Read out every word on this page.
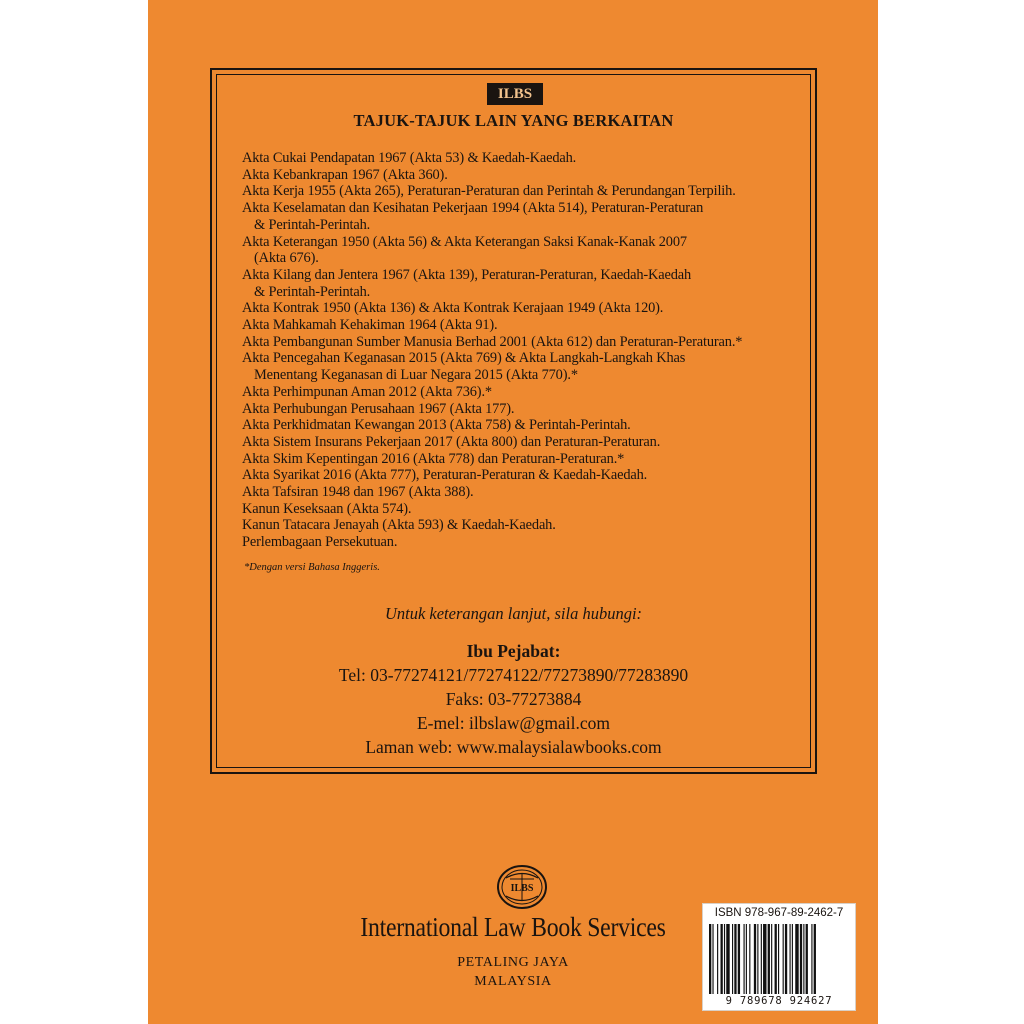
ILBS
TAJUK-TAJUK LAIN YANG BERKAITAN
Akta Cukai Pendapatan 1967 (Akta 53) & Kaedah-Kaedah.
Akta Kebankrapan 1967 (Akta 360).
Akta Kerja 1955 (Akta 265), Peraturan-Peraturan dan Perintah & Perundangan Terpilih.
Akta Keselamatan dan Kesihatan Pekerjaan 1994 (Akta 514), Peraturan-Peraturan
& Perintah-Perintah.
Akta Keterangan 1950 (Akta 56) & Akta Keterangan Saksi Kanak-Kanak 2007
(Akta 676).
Akta Kilang dan Jentera 1967 (Akta 139), Peraturan-Peraturan, Kaedah-Kaedah
& Perintah-Perintah.
Akta Kontrak 1950 (Akta 136) & Akta Kontrak Kerajaan 1949 (Akta 120).
Akta Mahkamah Kehakiman 1964 (Akta 91).
Akta Pembangunan Sumber Manusia Berhad 2001 (Akta 612) dan Peraturan-Peraturan.*
Akta Pencegahan Keganasan 2015 (Akta 769) & Akta Langkah-Langkah Khas
Menentang Keganasan di Luar Negara 2015 (Akta 770).*
Akta Perhimpunan Aman 2012 (Akta 736).*
Akta Perhubungan Perusahaan 1967 (Akta 177).
Akta Perkhidmatan Kewangan 2013 (Akta 758) & Perintah-Perintah.
Akta Sistem Insurans Pekerjaan 2017 (Akta 800) dan Peraturan-Peraturan.
Akta Skim Kepentingan 2016 (Akta 778) dan Peraturan-Peraturan.*
Akta Syarikat 2016 (Akta 777), Peraturan-Peraturan & Kaedah-Kaedah.
Akta Tafsiran 1948 dan 1967 (Akta 388).
Kanun Keseksaan (Akta 574).
Kanun Tatacara Jenayah (Akta 593) & Kaedah-Kaedah.
Perlembagaan Persekutuan.
*Dengan versi Bahasa Inggeris.
Untuk keterangan lanjut, sila hubungi:
Ibu Pejabat:
Tel: 03-77274121/77274122/77273890/77283890
Faks: 03-77273884
E-mel: ilbslaw@gmail.com
Laman web: www.malaysialawbooks.com
ILBS
International Law Book Services
PETALING JAYA
MALAYSIA
ISBN 978-967-89-2462-7
9 789678 924627
